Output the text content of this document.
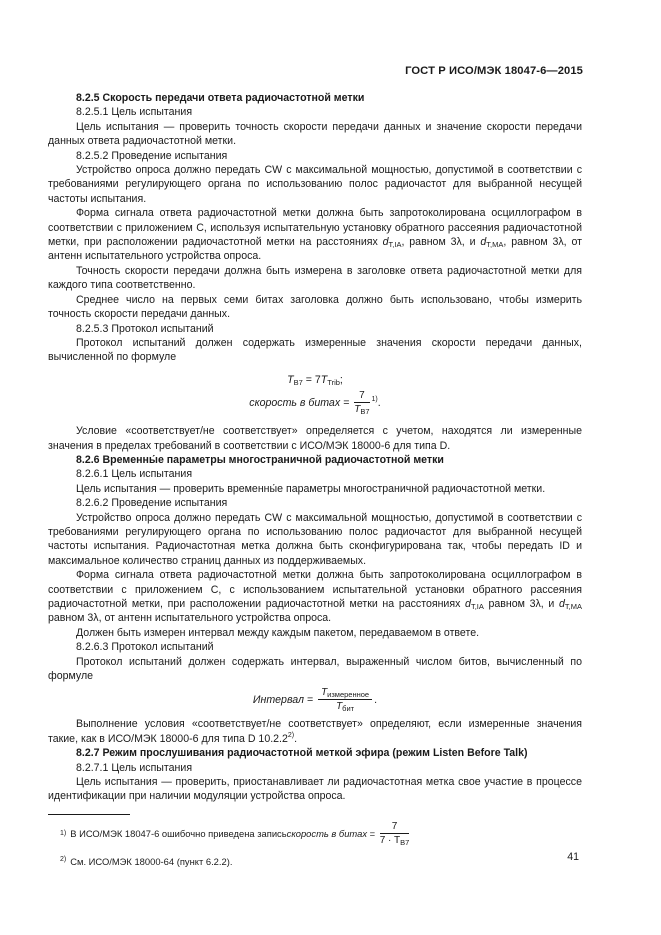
ГОСТ Р ИСО/МЭК 18047-6—2015

8.2.5 Скорость передачи ответа радиочастотной метки

8.2.5.1 Цель испытания

Цель испытания — проверить точность скорости передачи данных и значение скорости передачи данных ответа радиочастотной метки.

8.2.5.2 Проведение испытания

Устройство опроса должно передать CW с максимальной мощностью, допустимой в соответствии с требованиями регулирующего органа по использованию полос радиочастот для выбранной несущей частоты испытания.

Форма сигнала ответа радиочастотной метки должна быть запротоколирована осциллографом в соответствии с приложением С, используя испытательную установку обратного рассеяния радиочастотной метки, при расположении радиочастотной метки на расстояниях $d_{T,IA}$, равном 3λ, и $d_{T,MA}$, равном 3λ, от антенн испытательного устройства опроса.

Точность скорости передачи должна быть измерена в заголовке ответа радиочастотной метки для каждого типа соответственно.

Среднее число на первых семи битах заголовка должно быть использовано, чтобы измерить точность скорости передачи данных.

8.2.5.3 Протокол испытаний

Протокол испытаний должен содержать измеренные значения скорости передачи данных, вычисленной по формуле

$T_{B7} = 7T_{Trib}$;
скорость в битах = $\frac{7}{T_{B7}} ^{1)}$.

Условие «соответствует/не соответствует» определяется с учетом, находятся ли измеренные значения в пределах требований в соответствии с ИСО/МЭК 18000-6 для типа D.

8.2.6 Временны́е параметры многостраничной радиочастотной метки

8.2.6.1 Цель испытания

Цель испытания — проверить временны́е параметры многостраничной радиочастотной метки.

8.2.6.2 Проведение испытания

Устройство опроса должно передать CW с максимальной мощностью, допустимой в соответствии с требованиями регулирующего органа по использованию полос радиочастот для выбранной несущей частоты испытания. Радиочастотная метка должна быть сконфигурирована так, чтобы передать ID и максимальное количество страниц данных из поддерживаемых.

Форма сигнала ответа радиочастотной метки должна быть запротоколирована осциллографом в соответствии с приложением С, с использованием испытательной установки обратного рассеяния радиочастотной метки, при расположении радиочастотной метки на расстояниях $d_{T,IA}$ равном 3λ, и $d_{T,MA}$ равном 3λ, от антенн испытательного устройства опроса.

Должен быть измерен интервал между каждым пакетом, передаваемом в ответе.

8.2.6.3 Протокол испытаний

Протокол испытаний должен содержать интервал, выраженный числом битов, вычисленный по формуле

Интервал = $\frac{T_{измеренное}}{T_{бит}}$ .

Выполнение условия «соответствует/не соответствует» определяют, если измеренные значения такие, как в ИСО/МЭК 18000-6 для типа D 10.2.2$^{2)}$.

8.2.7 Режим прослушивания радиочастотной меткой эфира (режим Listen Before Talk)

8.2.7.1 Цель испытания

Цель испытания — проверить, приостанавливает ли радиочастотная метка свое участие в процессе идентификации при наличии модуляции устройства опроса.

1) В ИСО/МЭК 18047-6 ошибочно приведена запись скорость в битах = $\frac{7}{7 \cdot T_{B7}}$
$^{2)}$ См. ИСО/МЭК 18000-64 (пункт 6.2.2).	41
